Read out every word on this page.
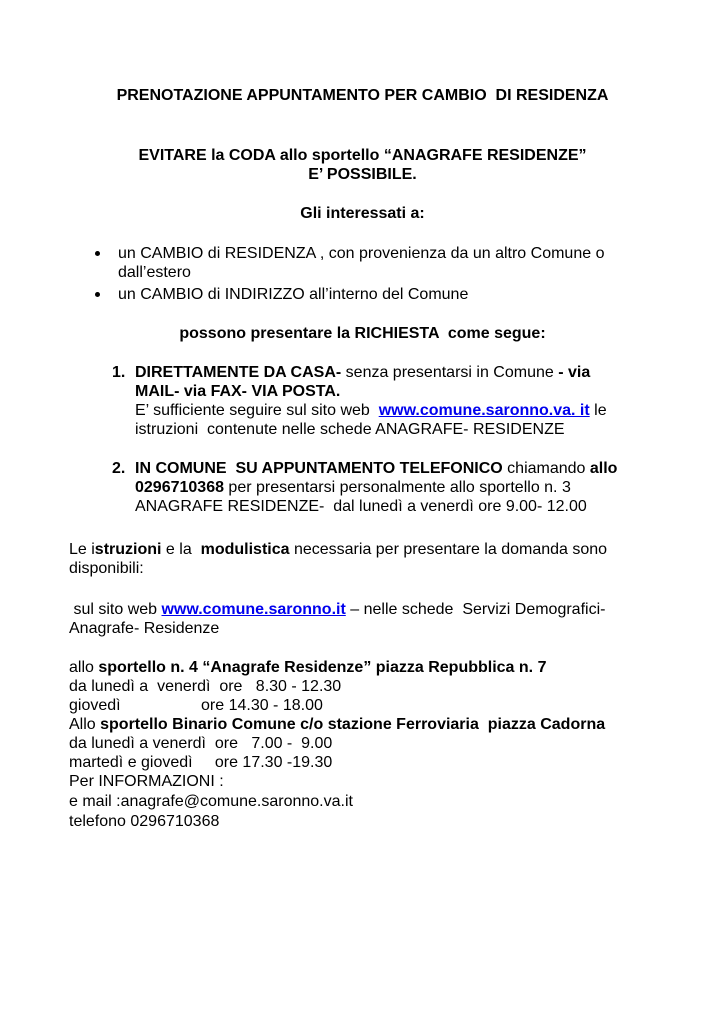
PRENOTAZIONE APPUNTAMENTO PER CAMBIO  DI RESIDENZA
EVITARE la CODA allo sportello “ANAGRAFE RESIDENZE”
E’ POSSIBILE.
Gli interessati a:
un CAMBIO di RESIDENZA , con provenienza da un altro Comune o
dall’estero
un CAMBIO di INDIRIZZO all’interno del Comune
possono presentare la RICHIESTA  come segue:
1. DIRETTAMENTE DA CASA- senza presentarsi in Comune - via
MAIL- via FAX- VIA POSTA.
E’ sufficiente seguire sul sito web  www.comune.saronno.va. it le
istruzioni  contenute nelle schede ANAGRAFE- RESIDENZE
2. IN COMUNE  SU APPUNTAMENTO TELEFONICO chiamando allo
0296710368 per presentarsi personalmente allo sportello n. 3
ANAGRAFE RESIDENZE-  dal lunedì a venerdì ore 9.00- 12.00
Le istruzioni e la  modulistica necessaria per presentare la domanda sono
disponibili:
sul sito web www.comune.saronno.it – nelle schede  Servizi Demografici-
Anagrafe- Residenze
allo sportello n. 4 “Anagrafe Residenze” piazza Repubblica n. 7
da lunedì a  venerdì  ore   8.30 - 12.30
giovedì	ore 14.30 - 18.00
Allo sportello Binario Comune c/o stazione Ferroviaria  piazza Cadorna
da lunedì a venerdì  ore   7.00 -  9.00
martedì e giovedì     ore 17.30 -19.30
Per INFORMAZIONI :
e mail :anagrafe@comune.saronno.va.it
telefono 0296710368
